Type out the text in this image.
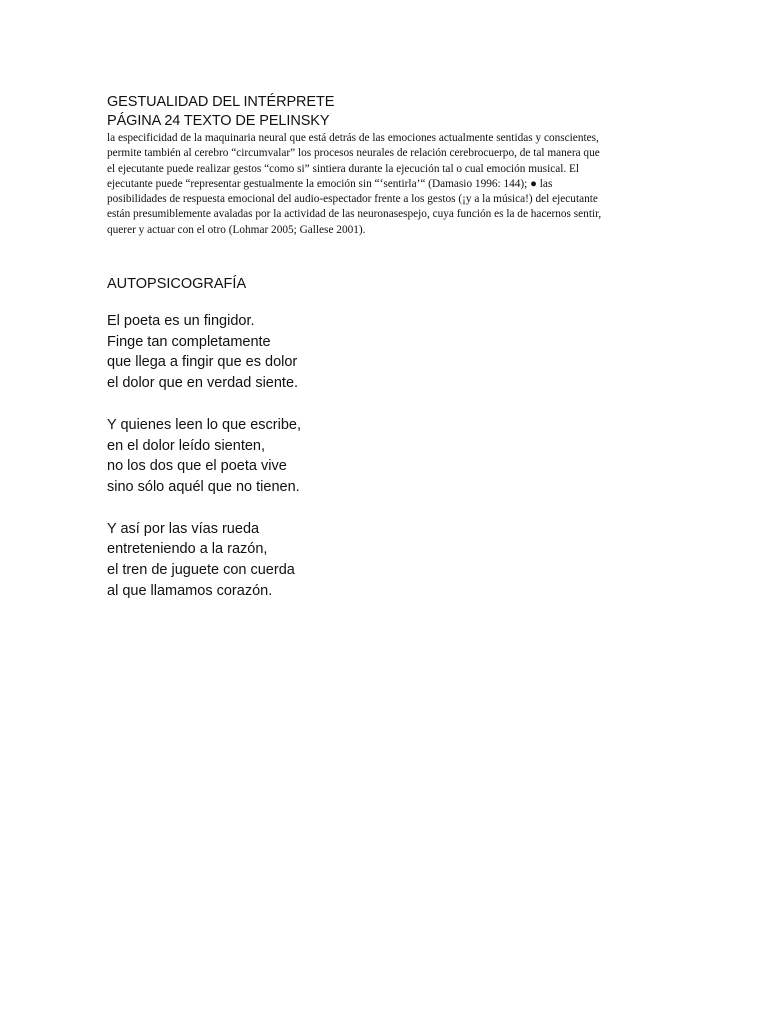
GESTUALIDAD DEL INTÉRPRETE
PÁGINA 24 TEXTO DE PELINSKY

la especificidad de la maquinaria neural que está detrás de las emociones actualmente sentidas y conscientes,
permite también al cerebro “circumvalar” los procesos neurales de relación cerebrocuerpo, de tal manera que
el ejecutante puede realizar gestos “como si” sintiera durante la ejecución tal o cual emoción musical. El
ejecutante puede “representar gestualmente la emoción sin “‘sentirla’“ (Damasio 1996: 144); ● las
posibilidades de respuesta emocional del audio-espectador frente a los gestos (¡y a la música!) del ejecutante
están presumiblemente avaladas por la actividad de las neuronasespejo, cuya función es la de hacernos sentir,
querer y actuar con el otro (Lohmar 2005; Gallese 2001).

AUTOPSICOGRAFÍA
El poeta es un fingidor.
Finge tan completamente
que llega a fingir que es dolor
el dolor que en verdad siente.
Y quienes leen lo que escribe,
en el dolor leído sienten,
no los dos que el poeta vive
sino sólo aquél que no tienen.
Y así por las vías rueda
entreteniendo a la razón,
el tren de juguete con cuerda
al que llamamos corazón.
